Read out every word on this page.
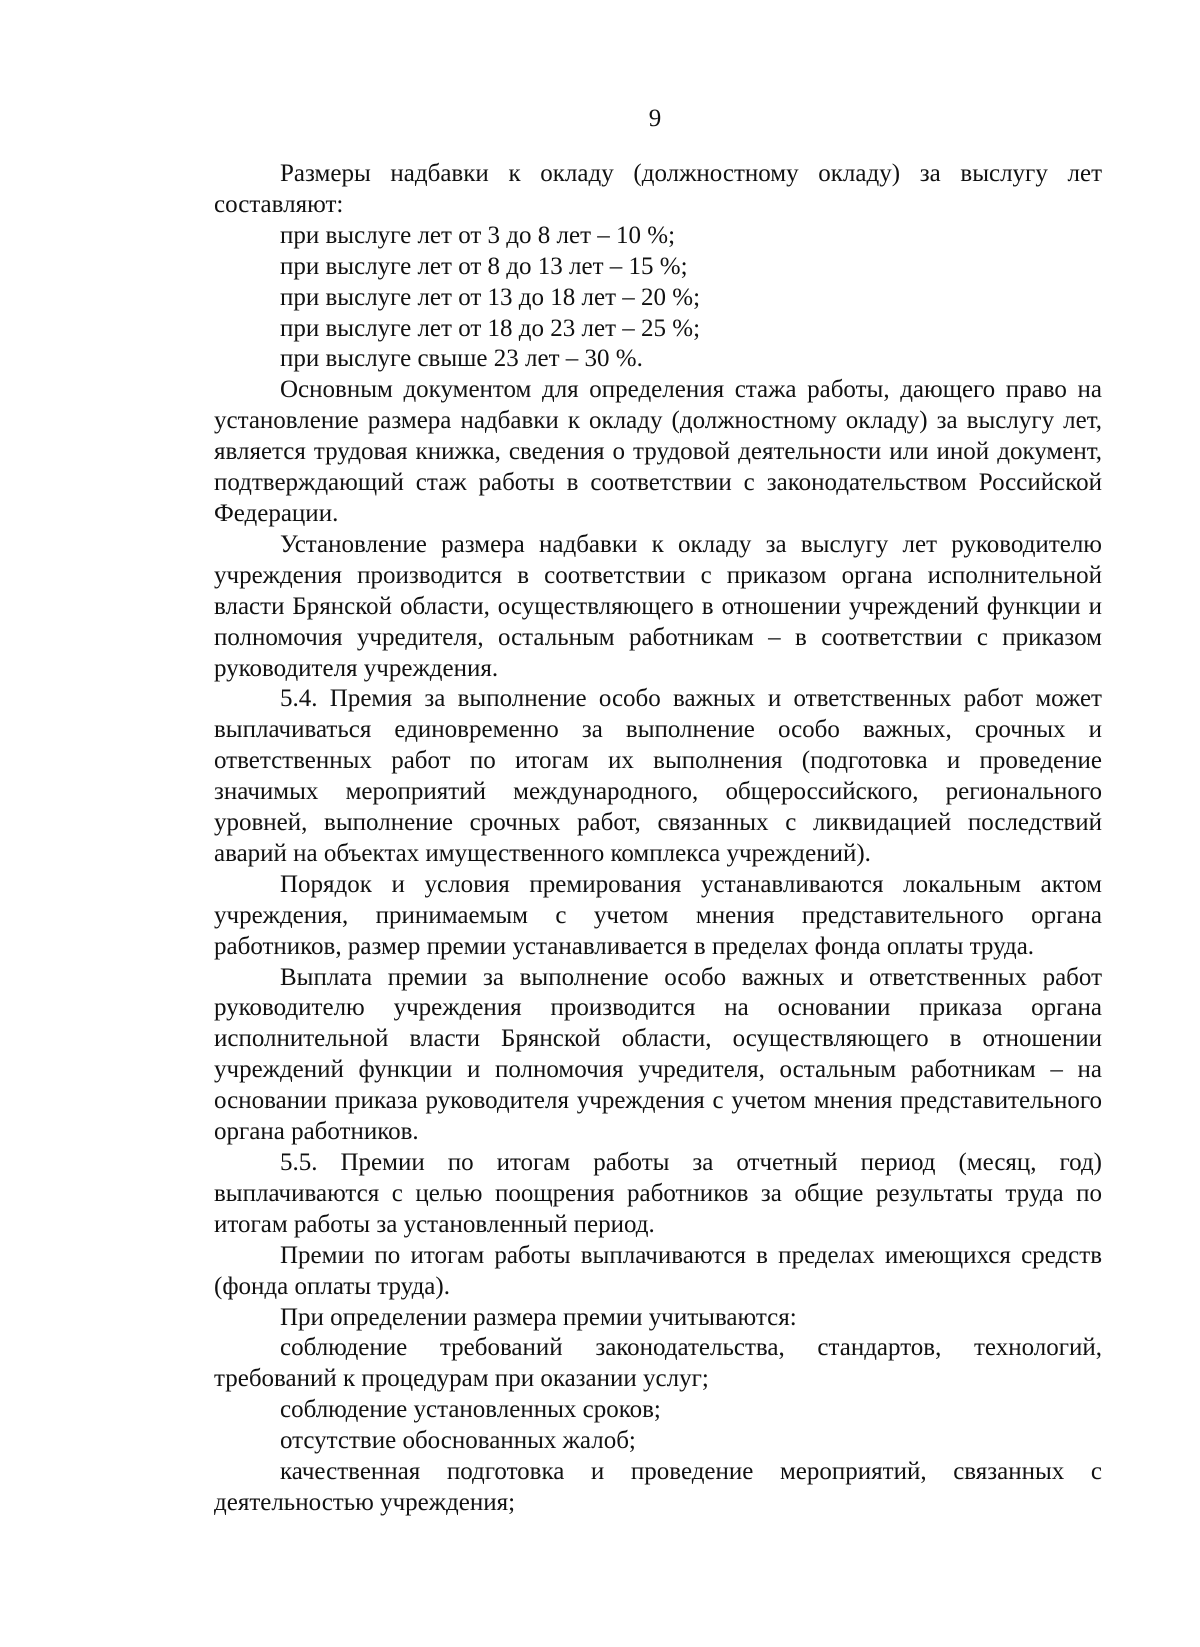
9

Размеры надбавки к окладу (должностному окладу) за выслугу лет составляют:

при выслуге лет от 3 до 8 лет – 10 %;

при выслуге лет от 8 до 13 лет – 15 %;

при выслуге лет от 13 до 18 лет – 20 %;

при выслуге лет от 18 до 23 лет – 25 %;

при выслуге свыше 23 лет – 30 %.

Основным документом для определения стажа работы, дающего право на установление размера надбавки к окладу (должностному окладу) за выслугу лет, является трудовая книжка, сведения о трудовой деятельности или иной документ, подтверждающий стаж работы в соответствии с законодательством Российской Федерации.

Установление размера надбавки к окладу за выслугу лет руководителю учреждения производится в соответствии с приказом органа исполнительной власти Брянской области, осуществляющего в отношении учреждений функции и полномочия учредителя, остальным работникам – в соответствии с приказом руководителя учреждения.

5.4. Премия за выполнение особо важных и ответственных работ может выплачиваться единовременно за выполнение особо важных, срочных и ответственных работ по итогам их выполнения (подготовка и проведение значимых мероприятий международного, общероссийского, регионального уровней, выполнение срочных работ, связанных с ликвидацией последствий аварий на объектах имущественного комплекса учреждений).

Порядок и условия премирования устанавливаются локальным актом учреждения, принимаемым с учетом мнения представительного органа работников, размер премии устанавливается в пределах фонда оплаты труда.

Выплата премии за выполнение особо важных и ответственных работ руководителю учреждения производится на основании приказа органа исполнительной власти Брянской области, осуществляющего в отношении учреждений функции и полномочия учредителя, остальным работникам – на основании приказа руководителя учреждения с учетом мнения представительного органа работников.

5.5. Премии по итогам работы за отчетный период (месяц, год) выплачиваются с целью поощрения работников за общие результаты труда по итогам работы за установленный период.

Премии по итогам работы выплачиваются в пределах имеющихся средств (фонда оплаты труда).

При определении размера премии учитываются:

соблюдение требований законодательства, стандартов, технологий, требований к процедурам при оказании услуг;

соблюдение установленных сроков;

отсутствие обоснованных жалоб;

качественная подготовка и проведение мероприятий, связанных с деятельностью учреждения;
